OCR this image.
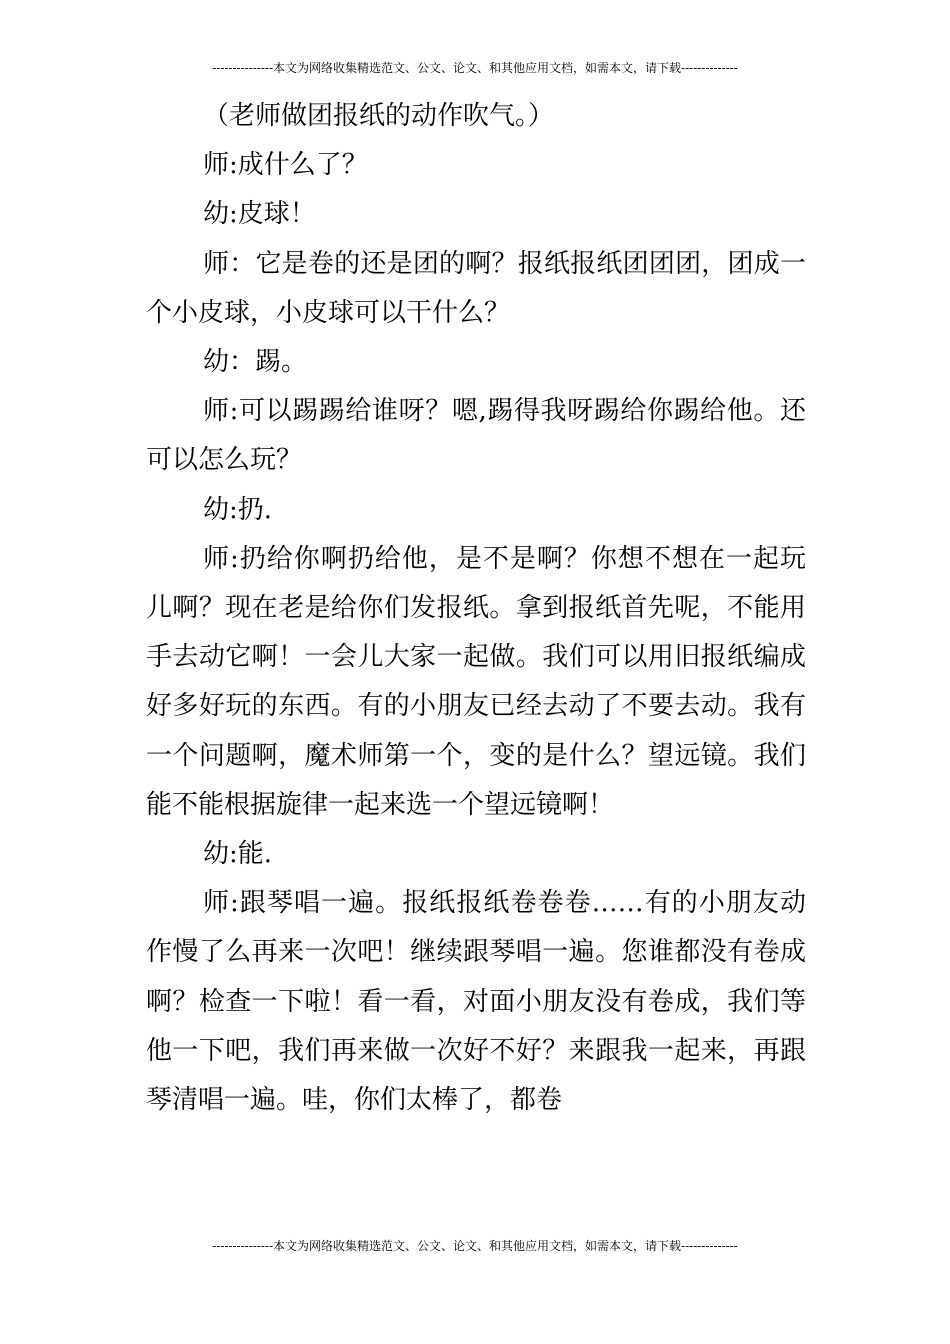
---------------本文为网络收集精选范文、公文、论文、和其他应用文档，如需本文，请下载--------------

（老师做团报纸的动作吹气。）

师:成什么了？

幼:皮球！

师：它是卷的还是团的啊？报纸报纸团团团，团成一个小皮球，小皮球可以干什么？

幼：踢。

师:可以踢踢给谁呀？嗯,踢得我呀踢给你踢给他。还可以怎么玩？

幼:扔.

师:扔给你啊扔给他，是不是啊？你想不想在一起玩儿啊？现在老是给你们发报纸。拿到报纸首先呢，不能用手去动它啊！一会儿大家一起做。我们可以用旧报纸编成好多好玩的东西。有的小朋友已经去动了不要去动。我有一个问题啊，魔术师第一个，变的是什么？望远镜。我们能不能根据旋律一起来选一个望远镜啊！

幼:能.

师:跟琴唱一遍。报纸报纸卷卷卷……有的小朋友动作慢了么再来一次吧！继续跟琴唱一遍。您谁都没有卷成啊？检查一下啦！看一看，对面小朋友没有卷成，我们等他一下吧，我们再来做一次好不好？来跟我一起来，再跟琴清唱一遍。哇，你们太棒了，都卷

---------------本文为网络收集精选范文、公文、论文、和其他应用文档，如需本文，请下载--------------
